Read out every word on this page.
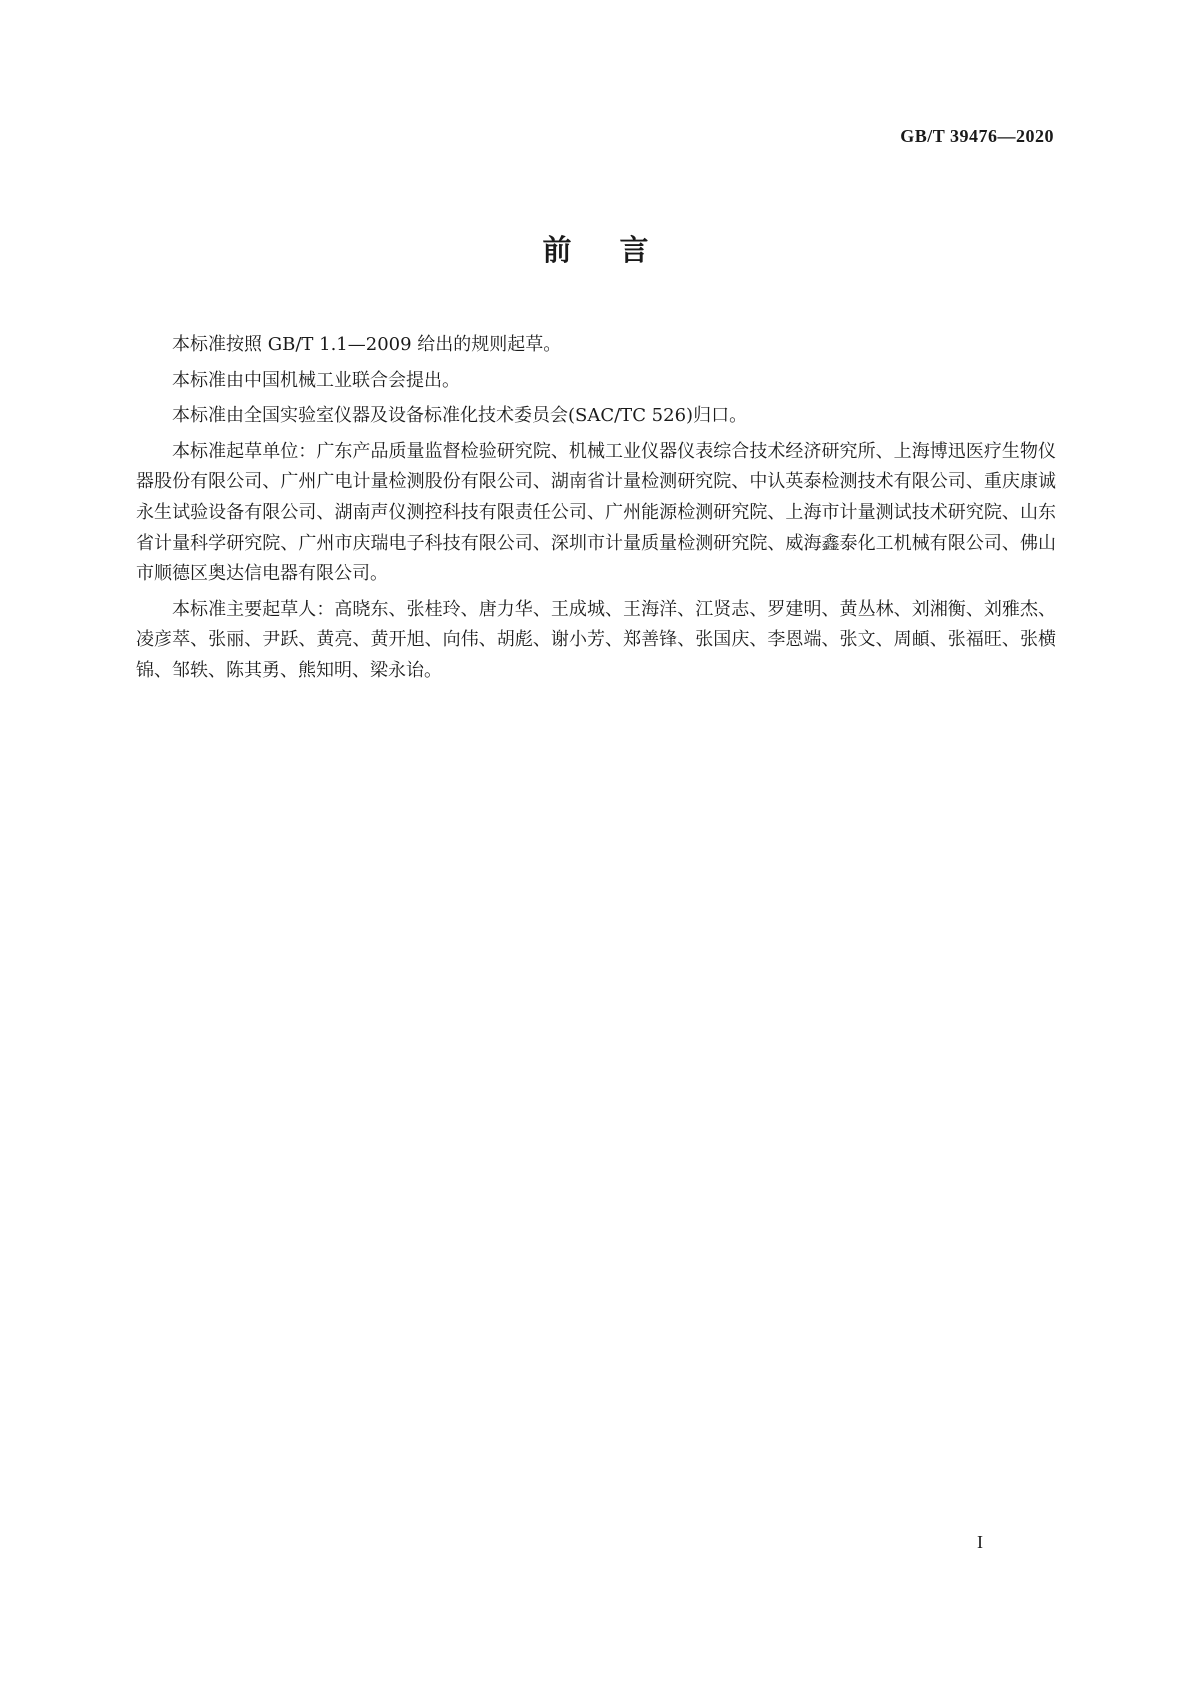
GB/T 39476—2020
前言

本标准按照 GB/T 1.1—2009 给出的规则起草。

本标准由中国机械工业联合会提出。

本标准由全国实验室仪器及设备标准化技术委员会(SAC/TC 526)归口。

本标准起草单位：广东产品质量监督检验研究院、机械工业仪器仪表综合技术经济研究所、上海博迅医疗生物仪器股份有限公司、广州广电计量检测股份有限公司、湖南省计量检测研究院、中认英泰检测技术有限公司、重庆康诚永生试验设备有限公司、湖南声仪测控科技有限责任公司、广州能源检测研究院、上海市计量测试技术研究院、山东省计量科学研究院、广州市庆瑞电子科技有限公司、深圳市计量质量检测研究院、威海鑫泰化工机械有限公司、佛山市顺德区奥达信电器有限公司。

本标准主要起草人：高晓东、张桂玲、唐力华、王成城、王海洋、江贤志、罗建明、黄丛林、刘湘衡、刘雅杰、凌彦萃、张丽、尹跃、黄亮、黄开旭、向伟、胡彪、谢小芳、郑善锋、张国庆、李恩端、张文、周頔、张福旺、张横锦、邹轶、陈其勇、熊知明、梁永诒。

I
